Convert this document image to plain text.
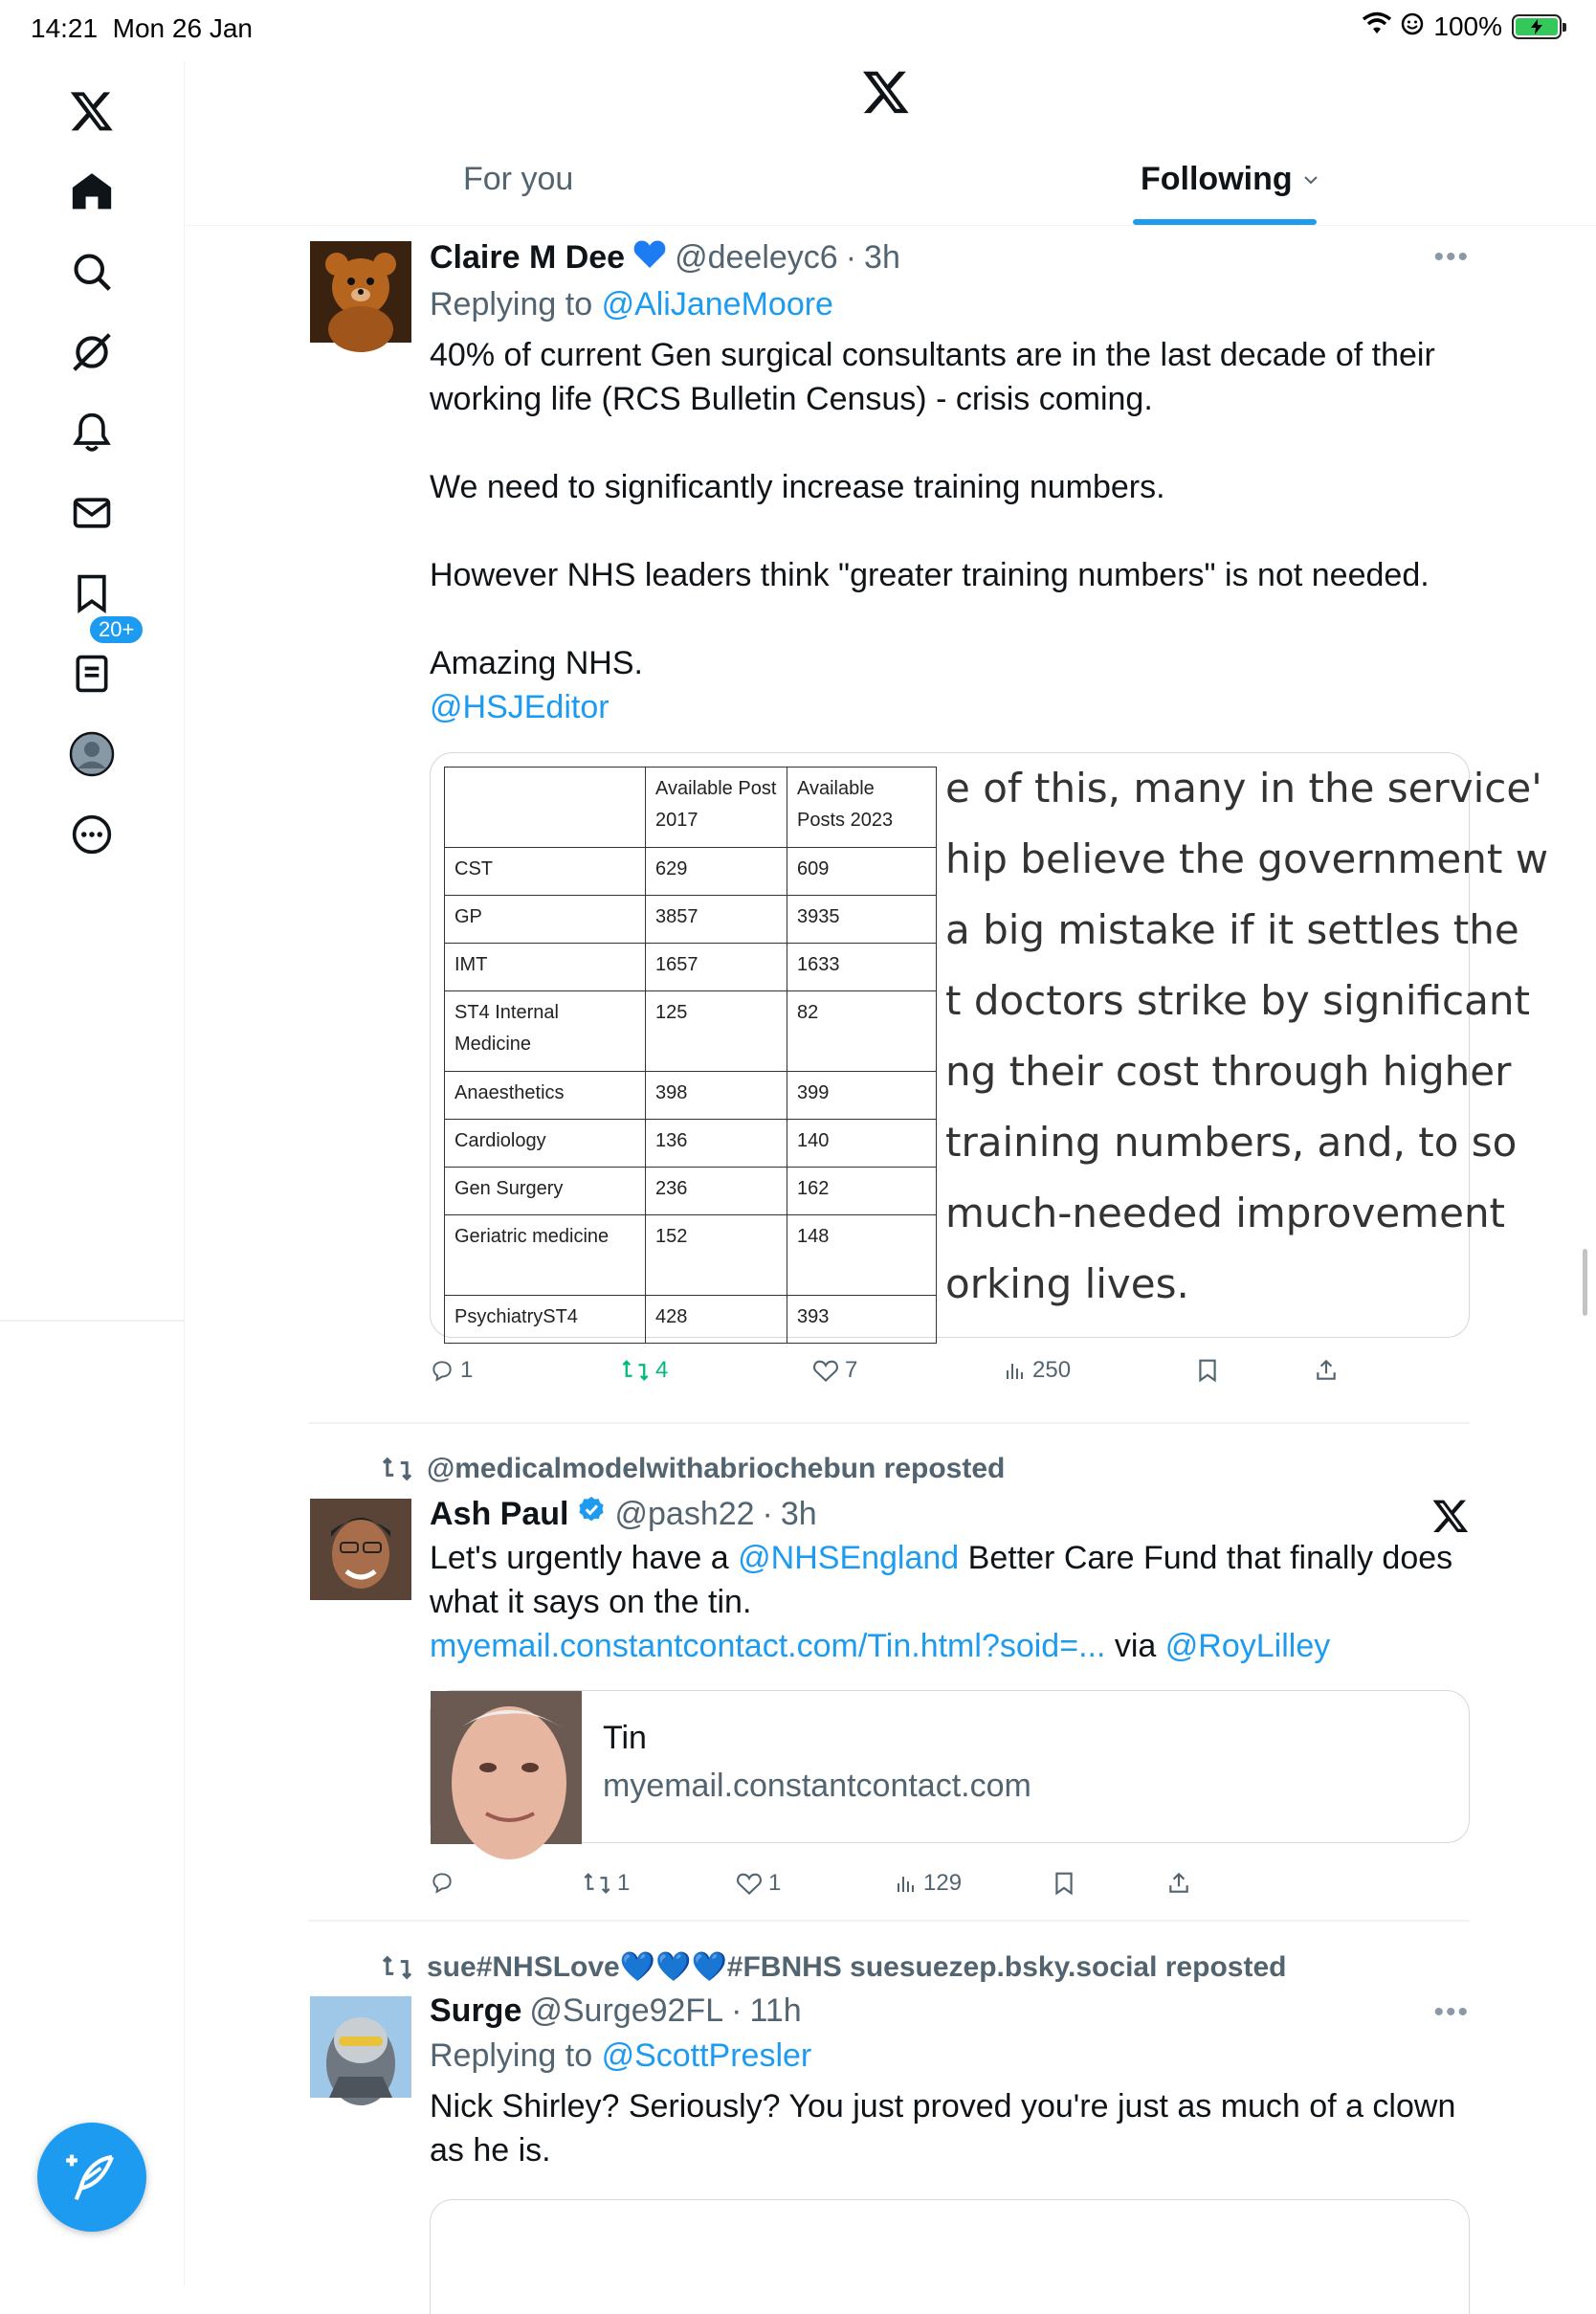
14:21 Mon 26 Jan	100%
20+
For you	Following
Claire M Dee @deeleyc6 · 3h
Replying to @AliJaneMoore
40% of current Gen surgical consultants are in the last decade of their working life (RCS Bulletin Census) - crisis coming.
We need to significantly increase training numbers.
However NHS leaders think "greater training numbers" is not needed.
Amazing NHS.
@HSJEditor
•••
	Available Post 2017	Available Posts 2023
CST	629	609
GP	3857	3935
IMT	1657	1633
ST4 Internal Medicine	125	82
Anaesthetics	398	399
Cardiology	136	140
Gen Surgery	236	162
Geriatric medicine	152	148
PsychiatryST4	428	393
e of this, many in the service'
hip believe the government w
a big mistake if it settles the
t doctors strike by significant
ng their cost through higher
training numbers, and, to so
much-needed improvement
orking lives.
1	4	7	250
@medicalmodelwithabriochebun reposted
Ash Paul @pash22 · 3h
Let's urgently have a @NHSEngland Better Care Fund that finally does what it says on the tin.
myemail.constantcontact.com/Tin.html?soid=... via @RoyLilley
Tin
myemail.constantcontact.com
1	1	129
sue#NHSLove💙💙💙#FBNHS suesuezep.bsky.social reposted
Surge @Surge92FL · 11h
Replying to @ScottPresler
Nick Shirley? Seriously? You just proved you're just as much of a clown as he is.
•••
